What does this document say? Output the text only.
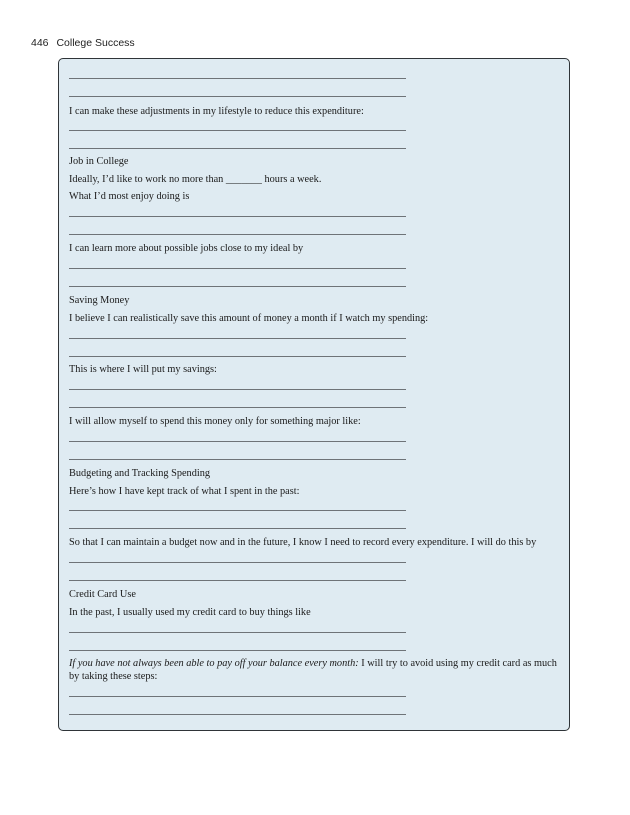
446 College Success
I can make these adjustments in my lifestyle to reduce this expenditure:
Job in College
Ideally, I’d like to work no more than _______ hours a week.
What I’d most enjoy doing is
I can learn more about possible jobs close to my ideal by
Saving Money
I believe I can realistically save this amount of money a month if I watch my spending:
This is where I will put my savings:
I will allow myself to spend this money only for something major like:
Budgeting and Tracking Spending
Here’s how I have kept track of what I spent in the past:
So that I can maintain a budget now and in the future, I know I need to record every expenditure. I will do this by
Credit Card Use
In the past, I usually used my credit card to buy things like
If you have not always been able to pay off your balance every month: I will try to avoid using my credit card as much by taking these steps:
